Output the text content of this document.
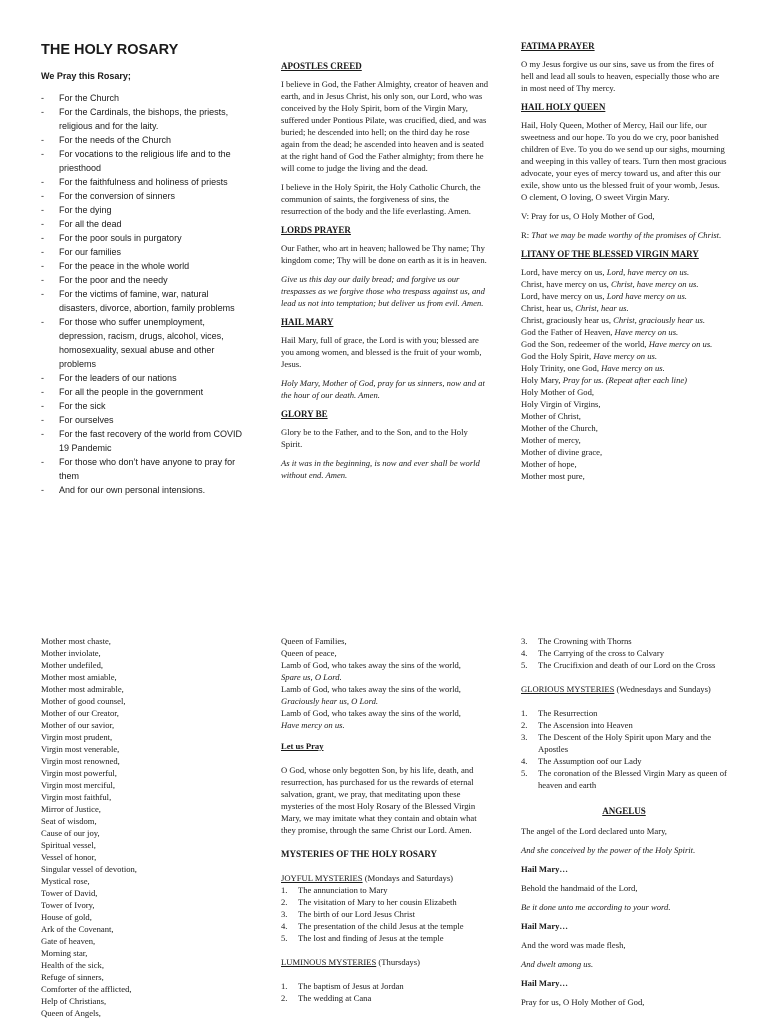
THE HOLY ROSARY
We Pray this Rosary;
- For the Church
- For the Cardinals, the bishops, the priests, religious and for the laity.
- For the needs of the Church
- For vocations to the religious life and to the priesthood
- For the faithfulness and holiness of priests
- For the conversion of sinners
- For the dying
- For all the dead
- For the poor souls in purgatory
- For our families
- For the peace in the whole world
- For the poor and the needy
- For the victims of famine, war, natural disasters, divorce, abortion, family problems
- For those who suffer unemployment, depression, racism, drugs, alcohol, vices, homosexuality, sexual abuse and other problems
- For the leaders of our nations
- For all the people in the government
- For the sick
- For ourselves
- For the fast recovery of the world from COVID 19 Pandemic
- For those who don’t have anyone to pray for them
- And for our own personal intensions.
APOSTLES CREED

I believe in God, the Father Almighty, creator of heaven and earth, and in Jesus Christ, his only son, our Lord, who was conceived by the Holy Spirit, born of the Virgin Mary, suffered under Pontious Pilate, was crucified, died, and was buried; he descended into hell; on the third day he rose again from the dead; he ascended into heaven and is seated at the right hand of God the Father almighty; from there he will come to judge the living and the dead.

I believe in the Holy Spirit, the Holy Catholic Church, the communion of saints, the forgiveness of sins, the resurrection of the body and the life everlasting. Amen.

LORDS PRAYER

Our Father, who art in heaven; hallowed be Thy name; Thy kingdom come; Thy will be done on earth as it is in heaven.

Give us this day our daily bread; and forgive us our trespasses as we forgive those who trespass against us, and lead us not into temptation; but deliver us from evil. Amen.

HAIL MARY

Hail Mary, full of grace, the Lord is with you; blessed are you among women, and blessed is the fruit of your womb, Jesus.

Holy Mary, Mother of God, pray for us sinners, now and at the hour of our death. Amen.

GLORY BE

Glory be to the Father, and to the Son, and to the Holy Spirit.

As it was in the beginning, is now and ever shall be world without end. Amen.

FATIMA PRAYER

O my Jesus forgive us our sins, save us from the fires of hell and lead all souls to heaven, especially those who are in most need of Thy mercy.

HAIL HOLY QUEEN

Hail, Holy Queen, Mother of Mercy, Hail our life, our sweetness and our hope. To you do we cry, poor banished children of Eve. To you do we send up our sighs, mourning and weeping in this valley of tears. Turn then most gracious advocate, your eyes of mercy toward us, and after this our exile, show unto us the blessed fruit of your womb, Jesus. O clement, O loving, O sweet Virgin Mary.

V: Pray for us, O Holy Mother of God,

R: That we may be made worthy of the promises of Christ.

LITANY OF THE BLESSED VIRGIN MARY
Lord, have mercy on us, Lord, have mercy on us.
Christ, have mercy on us, Christ, have mercy on us.
Lord, have mercy on us, Lord have mercy on us.
Christ, hear us, Christ, hear us.
Christ, graciously hear us, Christ, graciously hear us.
God the Father of Heaven, Have mercy on us.
God the Son, redeemer of the world, Have mercy on us.
God the Holy Spirit, Have mercy on us.
Holy Trinity, one God, Have mercy on us.
Holy Mary, Pray for us. (Repeat after each line)
Holy Mother of God,
Holy Virgin of Virgins,
Mother of Christ,
Mother of the Church,
Mother of mercy,
Mother of divine grace,
Mother of hope,
Mother most pure,
Mother most chaste,
Mother inviolate,
Mother undefiled,
Mother most amiable,
Mother most admirable,
Mother of good counsel,
Mother of our Creator,
Mother of our savior,
Virgin most prudent,
Virgin most venerable,
Virgin most renowned,
Virgin most powerful,
Virgin most merciful,
Virgin most faithful,
Mirror of Justice,
Seat of wisdom,
Cause of our joy,
Spiritual vessel,
Vessel of honor,
Singular vessel of devotion,
Mystical rose,
Tower of David,
Tower of Ivory,
House of gold,
Ark of the Covenant,
Gate of heaven,
Morning star,
Health of the sick,
Refuge of sinners,
Comforter of the afflicted,
Help of Christians,
Queen of Angels,
Queen of Families,
Queen of peace,
Lamb of God, who takes away the sins of the world,
Spare us, O Lord.
Lamb of God, who takes away the sins of the world,
Graciously hear us, O Lord.
Lamb of God, who takes away the sins of the world,
Have mercy on us.
Let us Pray

O God, whose only begotten Son, by his life, death, and resurrection, has purchased for us the rewards of eternal salvation, grant, we pray, that meditating upon these mysteries of the most Holy Rosary of the Blessed Virgin Mary, we may imitate what they contain and obtain what they promise, through the same Christ our Lord. Amen.

MYSTERIES OF THE HOLY ROSARY
JOYFUL MYSTERIES (Mondays and Saturdays)
1. The annunciation to Mary
2. The visitation of Mary to her cousin Elizabeth
3. The birth of our Lord Jesus Christ
4. The presentation of the child Jesus at the temple
5. The lost and finding of Jesus at the temple
LUMINOUS MYSTERIES (Thursdays)
1. The baptism of Jesus at Jordan
2. The wedding at Cana
3. The Crowning with Thorns
4. The Carrying of the cross to Calvary
5. The Crucifixion and death of our Lord on the Cross
GLORIOUS MYSTERIES (Wednesdays and Sundays)
1. The Resurrection
2. The Ascension into Heaven
3. The Descent of the Holy Spirit upon Mary and the Apostles
4. The Assumption oof our Lady
5. The coronation of the Blessed Virgin Mary as queen of heaven and earth
ANGELUS

The angel of the Lord declared unto Mary,

And she conceived by the power of the Holy Spirit.

Hail Mary…

Behold the handmaid of the Lord,

Be it done unto me according to your word.

Hail Mary…

And the word was made flesh,

And dwelt among us.

Hail Mary…

Pray for us, O Holy Mother of God,
